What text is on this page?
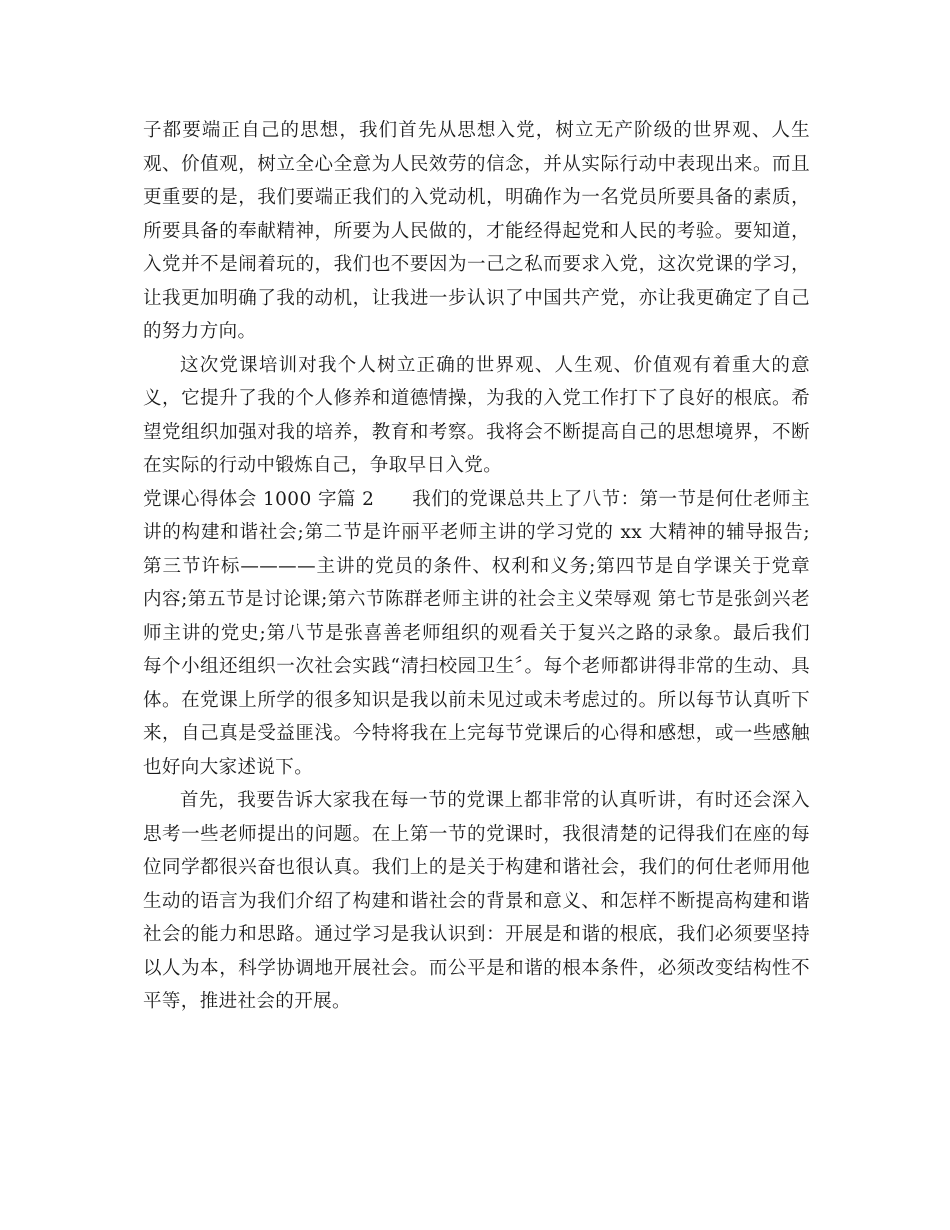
子都要端正自己的思想，我们首先从思想入党，树立无产阶级的世界观、人生观、价值观，树立全心全意为人民效劳的信念，并从实际行动中表现出来。而且更重要的是，我们要端正我们的入党动机，明确作为一名党员所要具备的素质，所要具备的奉献精神，所要为人民做的，才能经得起党和人民的考验。要知道，入党并不是闹着玩的，我们也不要因为一己之私而要求入党，这次党课的学习，让我更加明确了我的动机，让我进一步认识了中国共产党，亦让我更确定了自己的努力方向。

这次党课培训对我个人树立正确的世界观、人生观、价值观有着重大的意义，它提升了我的个人修养和道德情操，为我的入党工作打下了良好的根底。希望党组织加强对我的培养，教育和考察。我将会不断提高自己的思想境界，不断在实际的行动中锻炼自己，争取早日入党。

党课心得体会 1000 字篇 2　　我们的党课总共上了八节：第一节是何仕老师主讲的构建和谐社会;第二节是许丽平老师主讲的学习党的 xx 大精神的辅导报告;第三节许标————主讲的党员的条件、权利和义务;第四节是自学课关于党章内容;第五节是讨论课;第六节陈群老师主讲的社会主义荣辱观 第七节是张剑兴老师主讲的党史;第八节是张喜善老师组织的观看关于复兴之路的录象。最后我们每个小组还组织一次社会实践“清扫校园卫生〞。每个老师都讲得非常的生动、具体。在党课上所学的很多知识是我以前未见过或未考虑过的。所以每节认真听下来，自己真是受益匪浅。今特将我在上完每节党课后的心得和感想，或一些感触也好向大家述说下。

首先，我要告诉大家我在每一节的党课上都非常的认真听讲，有时还会深入思考一些老师提出的问题。在上第一节的党课时，我很清楚的记得我们在座的每位同学都很兴奋也很认真。我们上的是关于构建和谐社会，我们的何仕老师用他生动的语言为我们介绍了构建和谐社会的背景和意义、和怎样不断提高构建和谐社会的能力和思路。通过学习是我认识到：开展是和谐的根底，我们必须要坚持以人为本，科学协调地开展社会。而公平是和谐的根本条件，必须改变结构性不平等，推进社会的开展。
